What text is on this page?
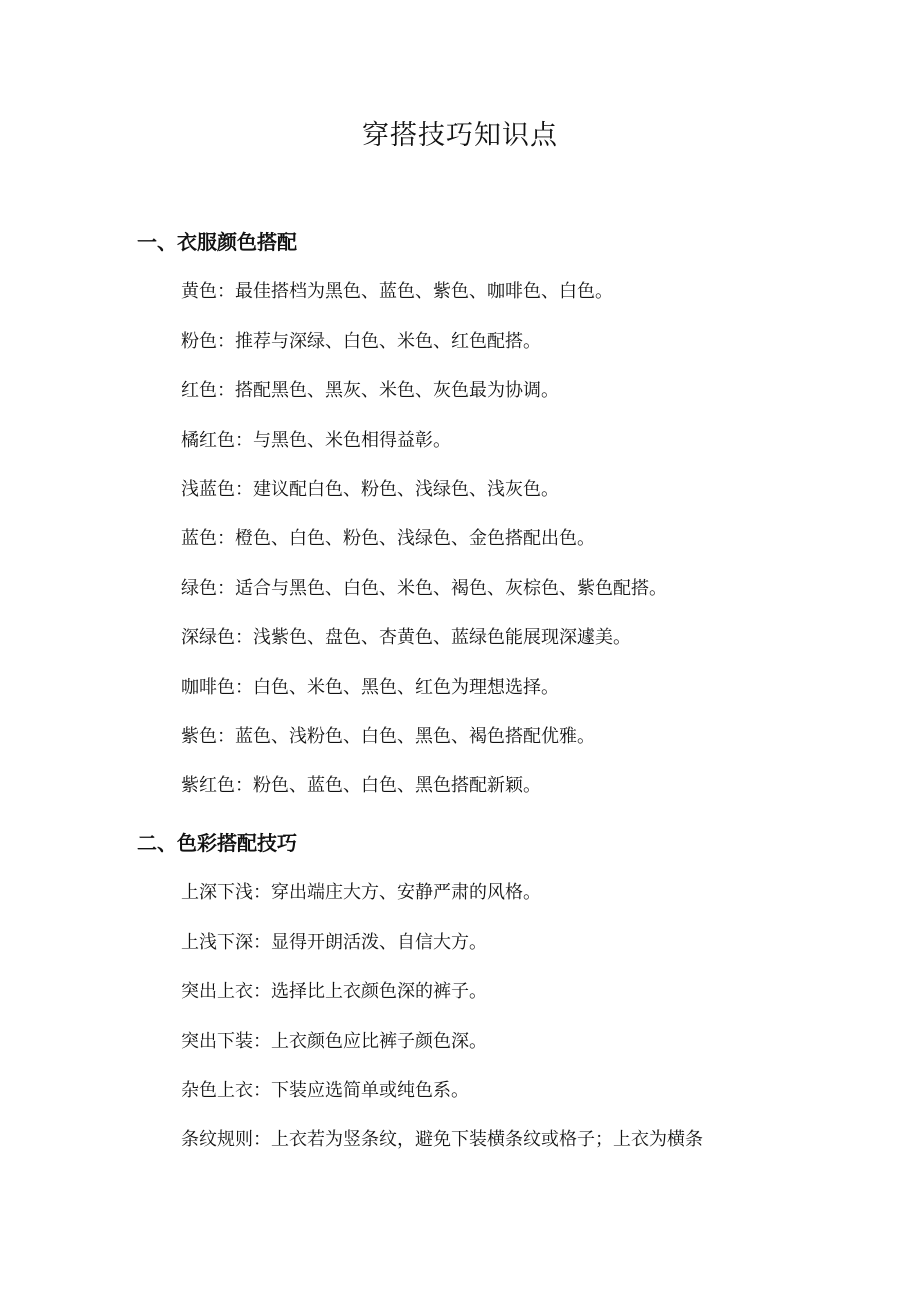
穿搭技巧知识点
一、衣服颜色搭配
黄色：最佳搭档为黑色、蓝色、紫色、咖啡色、白色。
粉色：推荐与深绿、白色、米色、红色配搭。
红色：搭配黑色、黑灰、米色、灰色最为协调。
橘红色：与黑色、米色相得益彰。
浅蓝色：建议配白色、粉色、浅绿色、浅灰色。
蓝色：橙色、白色、粉色、浅绿色、金色搭配出色。
绿色：适合与黑色、白色、米色、褐色、灰棕色、紫色配搭。
深绿色：浅紫色、盘色、杏黄色、蓝绿色能展现深遽美。
咖啡色：白色、米色、黑色、红色为理想选择。
紫色：蓝色、浅粉色、白色、黑色、褐色搭配优雅。
紫红色：粉色、蓝色、白色、黑色搭配新颖。
二、色彩搭配技巧
上深下浅：穿出端庄大方、安静严肃的风格。
上浅下深：显得开朗活泼、自信大方。
突出上衣：选择比上衣颜色深的裤子。
突出下装：上衣颜色应比裤子颜色深。
杂色上衣：下装应选简单或纯色系。
条纹规则：上衣若为竖条纹，避免下装横条纹或格子；上衣为横条
